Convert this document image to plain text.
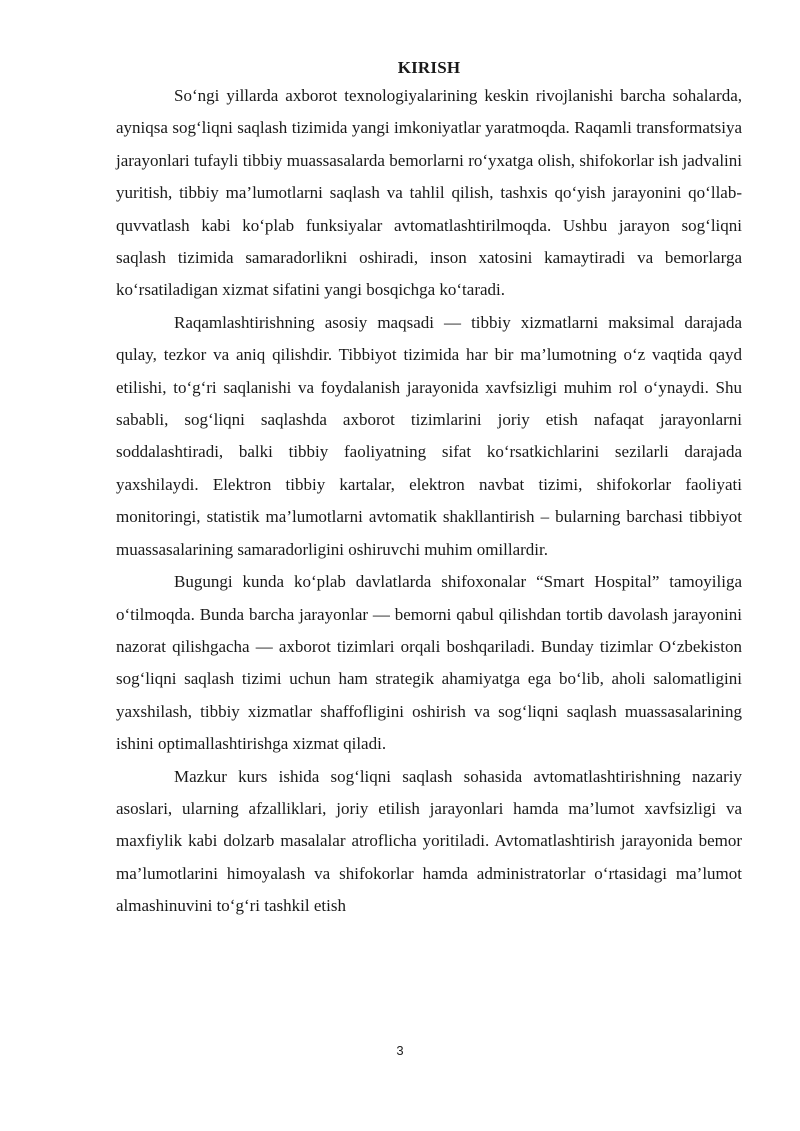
KIRISH

So‘ngi yillarda axborot texnologiyalarining keskin rivojlanishi barcha sohalarda, ayniqsa sog‘liqni saqlash tizimida yangi imkoniyatlar yaratmoqda. Raqamli transformatsiya jarayonlari tufayli tibbiy muassasalarda bemorlarni ro‘yxatga olish, shifokorlar ish jadvalini yuritish, tibbiy ma’lumotlarni saqlash va tahlil qilish, tashxis qo‘yish jarayonini qo‘llab-quvvatlash kabi ko‘plab funksiyalar avtomatlashtirilmoqda. Ushbu jarayon sog‘liqni saqlash tizimida samaradorlikni oshiradi, inson xatosini kamaytiradi va bemorlarga ko‘rsatiladigan xizmat sifatini yangi bosqichga ko‘taradi.

Raqamlashtirishning asosiy maqsadi — tibbiy xizmatlarni maksimal darajada qulay, tezkor va aniq qilishdir. Tibbiyot tizimida har bir ma’lumotning o‘z vaqtida qayd etilishi, to‘g‘ri saqlanishi va foydalanish jarayonida xavfsizligi muhim rol o‘ynaydi. Shu sababli, sog‘liqni saqlashda axborot tizimlarini joriy etish nafaqat jarayonlarni soddalashtiradi, balki tibbiy faoliyatning sifat ko‘rsatkichlarini sezilarli darajada yaxshilaydi. Elektron tibbiy kartalar, elektron navbat tizimi, shifokorlar faoliyati monitoringi, statistik ma’lumotlarni avtomatik shakllantirish – bularning barchasi tibbiyot muassasalarining samaradorligini oshiruvchi muhim omillardir.

Bugungi kunda ko‘plab davlatlarda shifoxonalar “Smart Hospital” tamoyiliga o‘tilmoqda. Bunda barcha jarayonlar — bemorni qabul qilishdan tortib davolash jarayonini nazorat qilishgacha — axborot tizimlari orqali boshqariladi. Bunday tizimlar O‘zbekiston sog‘liqni saqlash tizimi uchun ham strategik ahamiyatga ega bo‘lib, aholi salomatligini yaxshilash, tibbiy xizmatlar shaffofligini oshirish va sog‘liqni saqlash muassasalarining ishini optimallashtirishga xizmat qiladi.

Mazkur kurs ishida sog‘liqni saqlash sohasida avtomatlashtirishning nazariy asoslari, ularning afzalliklari, joriy etilish jarayonlari hamda ma’lumot xavfsizligi va maxfiylik kabi dolzarb masalalar atroflicha yoritiladi. Avtomatlashtirish jarayonida bemor ma’lumotlarini himoyalash va shifokorlar hamda administratorlar o‘rtasidagi ma’lumot almashinuvini to‘g‘ri tashkil etish

3
